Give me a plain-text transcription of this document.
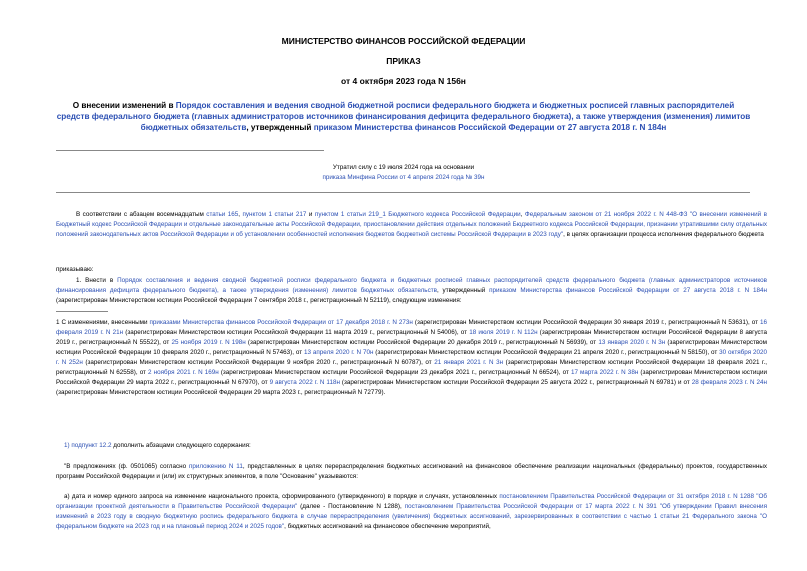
МИНИСТЕРСТВО ФИНАНСОВ РОССИЙСКОЙ ФЕДЕРАЦИИ
ПРИКАЗ
от 4 октября 2023 года N 156н
О внесении изменений в Порядок составления и ведения сводной бюджетной росписи федерального бюджета и бюджетных росписей главных распорядителей средств федерального бюджета (главных администраторов источников финансирования дефицита федерального бюджета), а также утверждения (изменения) лимитов бюджетных обязательств, утвержденный приказом Министерства финансов Российской Федерации от 27 августа 2018 г. N 184н
Утратил силу с 19 июля 2024 года на основании
приказа Минфина России от 4 апреля 2024 года № 39н
В соответствии с абзацем восемнадцатым статьи 165, пунктом 1 статьи 217 и пунктом 1 статьи 219_1 Бюджетного кодекса Российской Федерации, Федеральным законом от 21 ноября 2022 г. N 448-ФЗ "О внесении изменений в Бюджетный кодекс Российской Федерации и отдельные законодательные акты Российской Федерации, приостановлении действия отдельных положений Бюджетного кодекса Российской Федерации, признании утратившими силу отдельных положений законодательных актов Российской Федерации и об установлении особенностей исполнения бюджетов бюджетной системы Российской Федерации в 2023 году", в целях организации процесса исполнения федерального бюджета
приказываю:
1. Внести в Порядок составления и ведения сводной бюджетной росписи федерального бюджета и бюджетных росписей главных распорядителей средств федерального бюджета (главных администраторов источников финансирования дефицита федерального бюджета), а также утверждения (изменения) лимитов бюджетных обязательств, утвержденный приказом Министерства финансов Российской Федерации от 27 августа 2018 г. N 184н (зарегистрирован Министерством юстиции Российской Федерации 7 сентября 2018 г., регистрационный N 52119), следующие изменения:
1 С изменениями, внесенными приказами Министерства финансов Российской Федерации от 17 декабря 2018 г. N 273н (зарегистрирован Министерством юстиции Российской Федерации 30 января 2019 г., регистрационный N 53631), от 16 февраля 2019 г. N 21н (зарегистрирован Министерством юстиции Российской Федерации 11 марта 2019 г., регистрационный N 54006), от 18 июля 2019 г. N 112н (зарегистрирован Министерством юстиции Российской Федерации 8 августа 2019 г., регистрационный N 55522), от 25 ноября 2019 г. N 198н (зарегистрирован Министерством юстиции Российской Федерации 20 декабря 2019 г., регистрационный N 56939), от 13 января 2020 г. N 3н (зарегистрирован Министерством юстиции Российской Федерации 10 февраля 2020 г., регистрационный N 57463), от 13 апреля 2020 г. N 70н (зарегистрирован Министерством юстиции Российской Федерации 21 апреля 2020 г., регистрационный N 58150), от 30 октября 2020 г. N 252н (зарегистрирован Министерством юстиции Российской Федерации 9 ноября 2020 г., регистрационный N 60787), от 21 января 2021 г. N 3н (зарегистрирован Министерством юстиции Российской Федерации 18 февраля 2021 г., регистрационный N 62558), от 2 ноября 2021 г. N 169н (зарегистрирован Министерством юстиции Российской Федерации 23 декабря 2021 г., регистрационный N 66524), от 17 марта 2022 г. N 38н (зарегистрирован Министерством юстиции Российской Федерации 29 марта 2022 г., регистрационный N 67970), от 9 августа 2022 г. N 118н (зарегистрирован Министерством юстиции Российской Федерации 25 августа 2022 г., регистрационный N 69781) и от 28 февраля 2023 г. N 24н (зарегистрирован Министерством юстиции Российской Федерации 29 марта 2023 г., регистрационный N 72779).
1) подпункт 12.2 дополнить абзацами следующего содержания:
"В предложениях (ф. 0501065) согласно приложению N 11, представленных в целях перераспределения бюджетных ассигнований на финансовое обеспечение реализации национальных (федеральных) проектов, государственных программ Российской Федерации и (или) их структурных элементов, в поле "Основание" указываются:
а) дата и номер единого запроса на изменение национального проекта, сформированного (утвержденного) в порядке и случаях, установленных постановлением Правительства Российской Федерации от 31 октября 2018 г. N 1288 "Об организации проектной деятельности в Правительстве Российской Федерации" (далее - Постановление N 1288), постановлением Правительства Российской Федерации от 17 марта 2022 г. N 391 "Об утверждении Правил внесения изменений в 2023 году в сводную бюджетную роспись федерального бюджета в случае перераспределения (увеличения) бюджетных ассигнований, зарезервированных в соответствии с частью 1 статьи 21 Федерального закона "О федеральном бюджете на 2023 год и на плановый период 2024 и 2025 годов", бюджетных ассигнований на финансовое обеспечение мероприятий,
